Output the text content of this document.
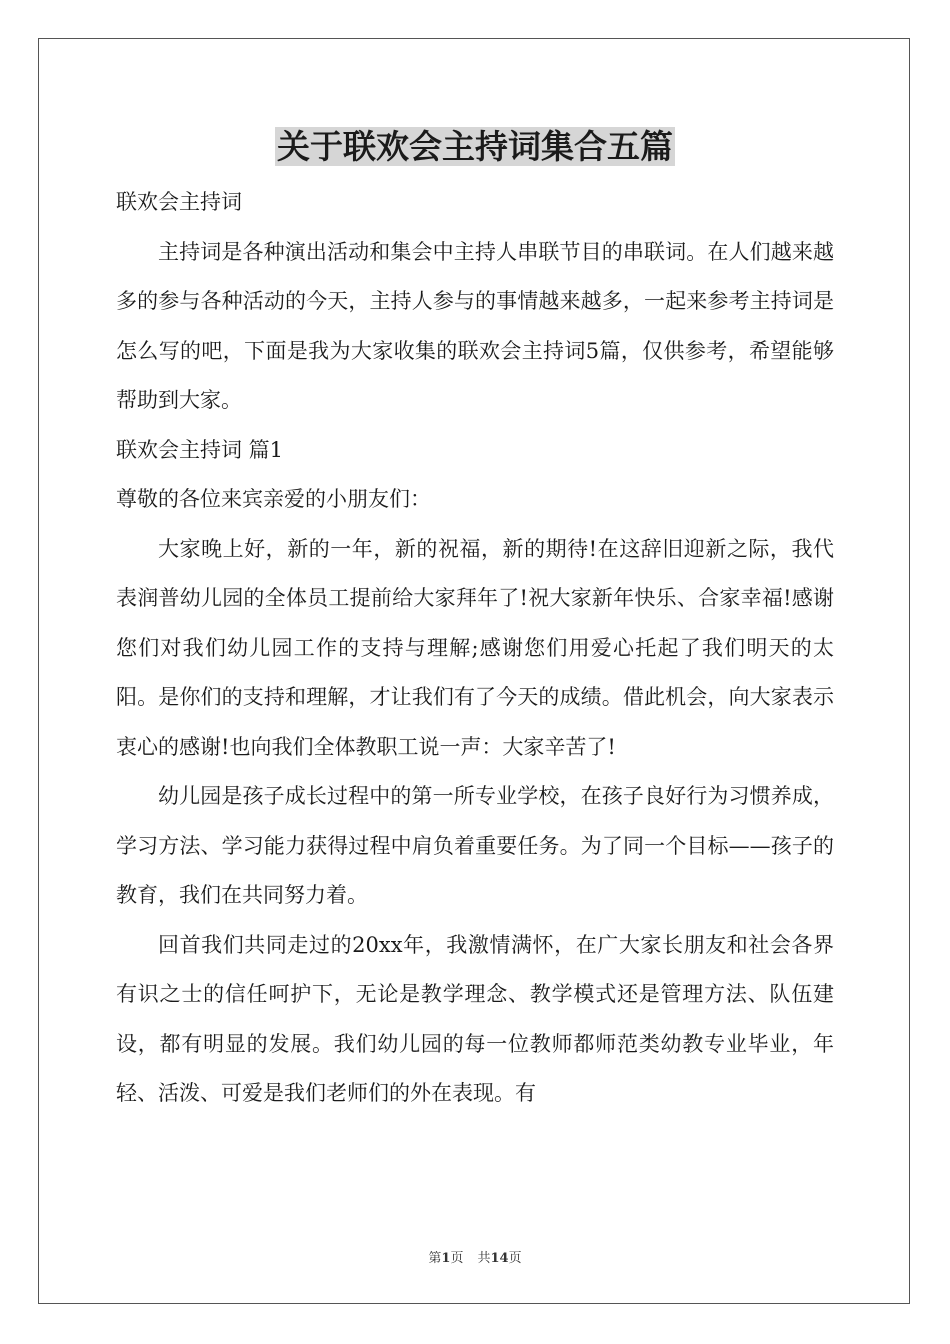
关于联欢会主持词集合五篇

联欢会主持词

主持词是各种演出活动和集会中主持人串联节目的串联词。在人们越来越多的参与各种活动的今天，主持人参与的事情越来越多，一起来参考主持词是怎么写的吧，下面是我为大家收集的联欢会主持词5篇，仅供参考，希望能够帮助到大家。

联欢会主持词 篇1

尊敬的各位来宾亲爱的小朋友们：

大家晚上好，新的一年，新的祝福，新的期待!在这辞旧迎新之际，我代表润普幼儿园的全体员工提前给大家拜年了!祝大家新年快乐、合家幸福!感谢您们对我们幼儿园工作的支持与理解;感谢您们用爱心托起了我们明天的太阳。是你们的支持和理解，才让我们有了今天的成绩。借此机会，向大家表示衷心的感谢!也向我们全体教职工说一声：大家辛苦了!

幼儿园是孩子成长过程中的第一所专业学校，在孩子良好行为习惯养成，学习方法、学习能力获得过程中肩负着重要任务。为了同一个目标——孩子的教育，我们在共同努力着。

回首我们共同走过的20xx年，我激情满怀，在广大家长朋友和社会各界有识之士的信任呵护下，无论是教学理念、教学模式还是管理方法、队伍建设，都有明显的发展。我们幼儿园的每一位教师都师范类幼教专业毕业，年轻、活泼、可爱是我们老师们的外在表现。有

第1页 共14页
